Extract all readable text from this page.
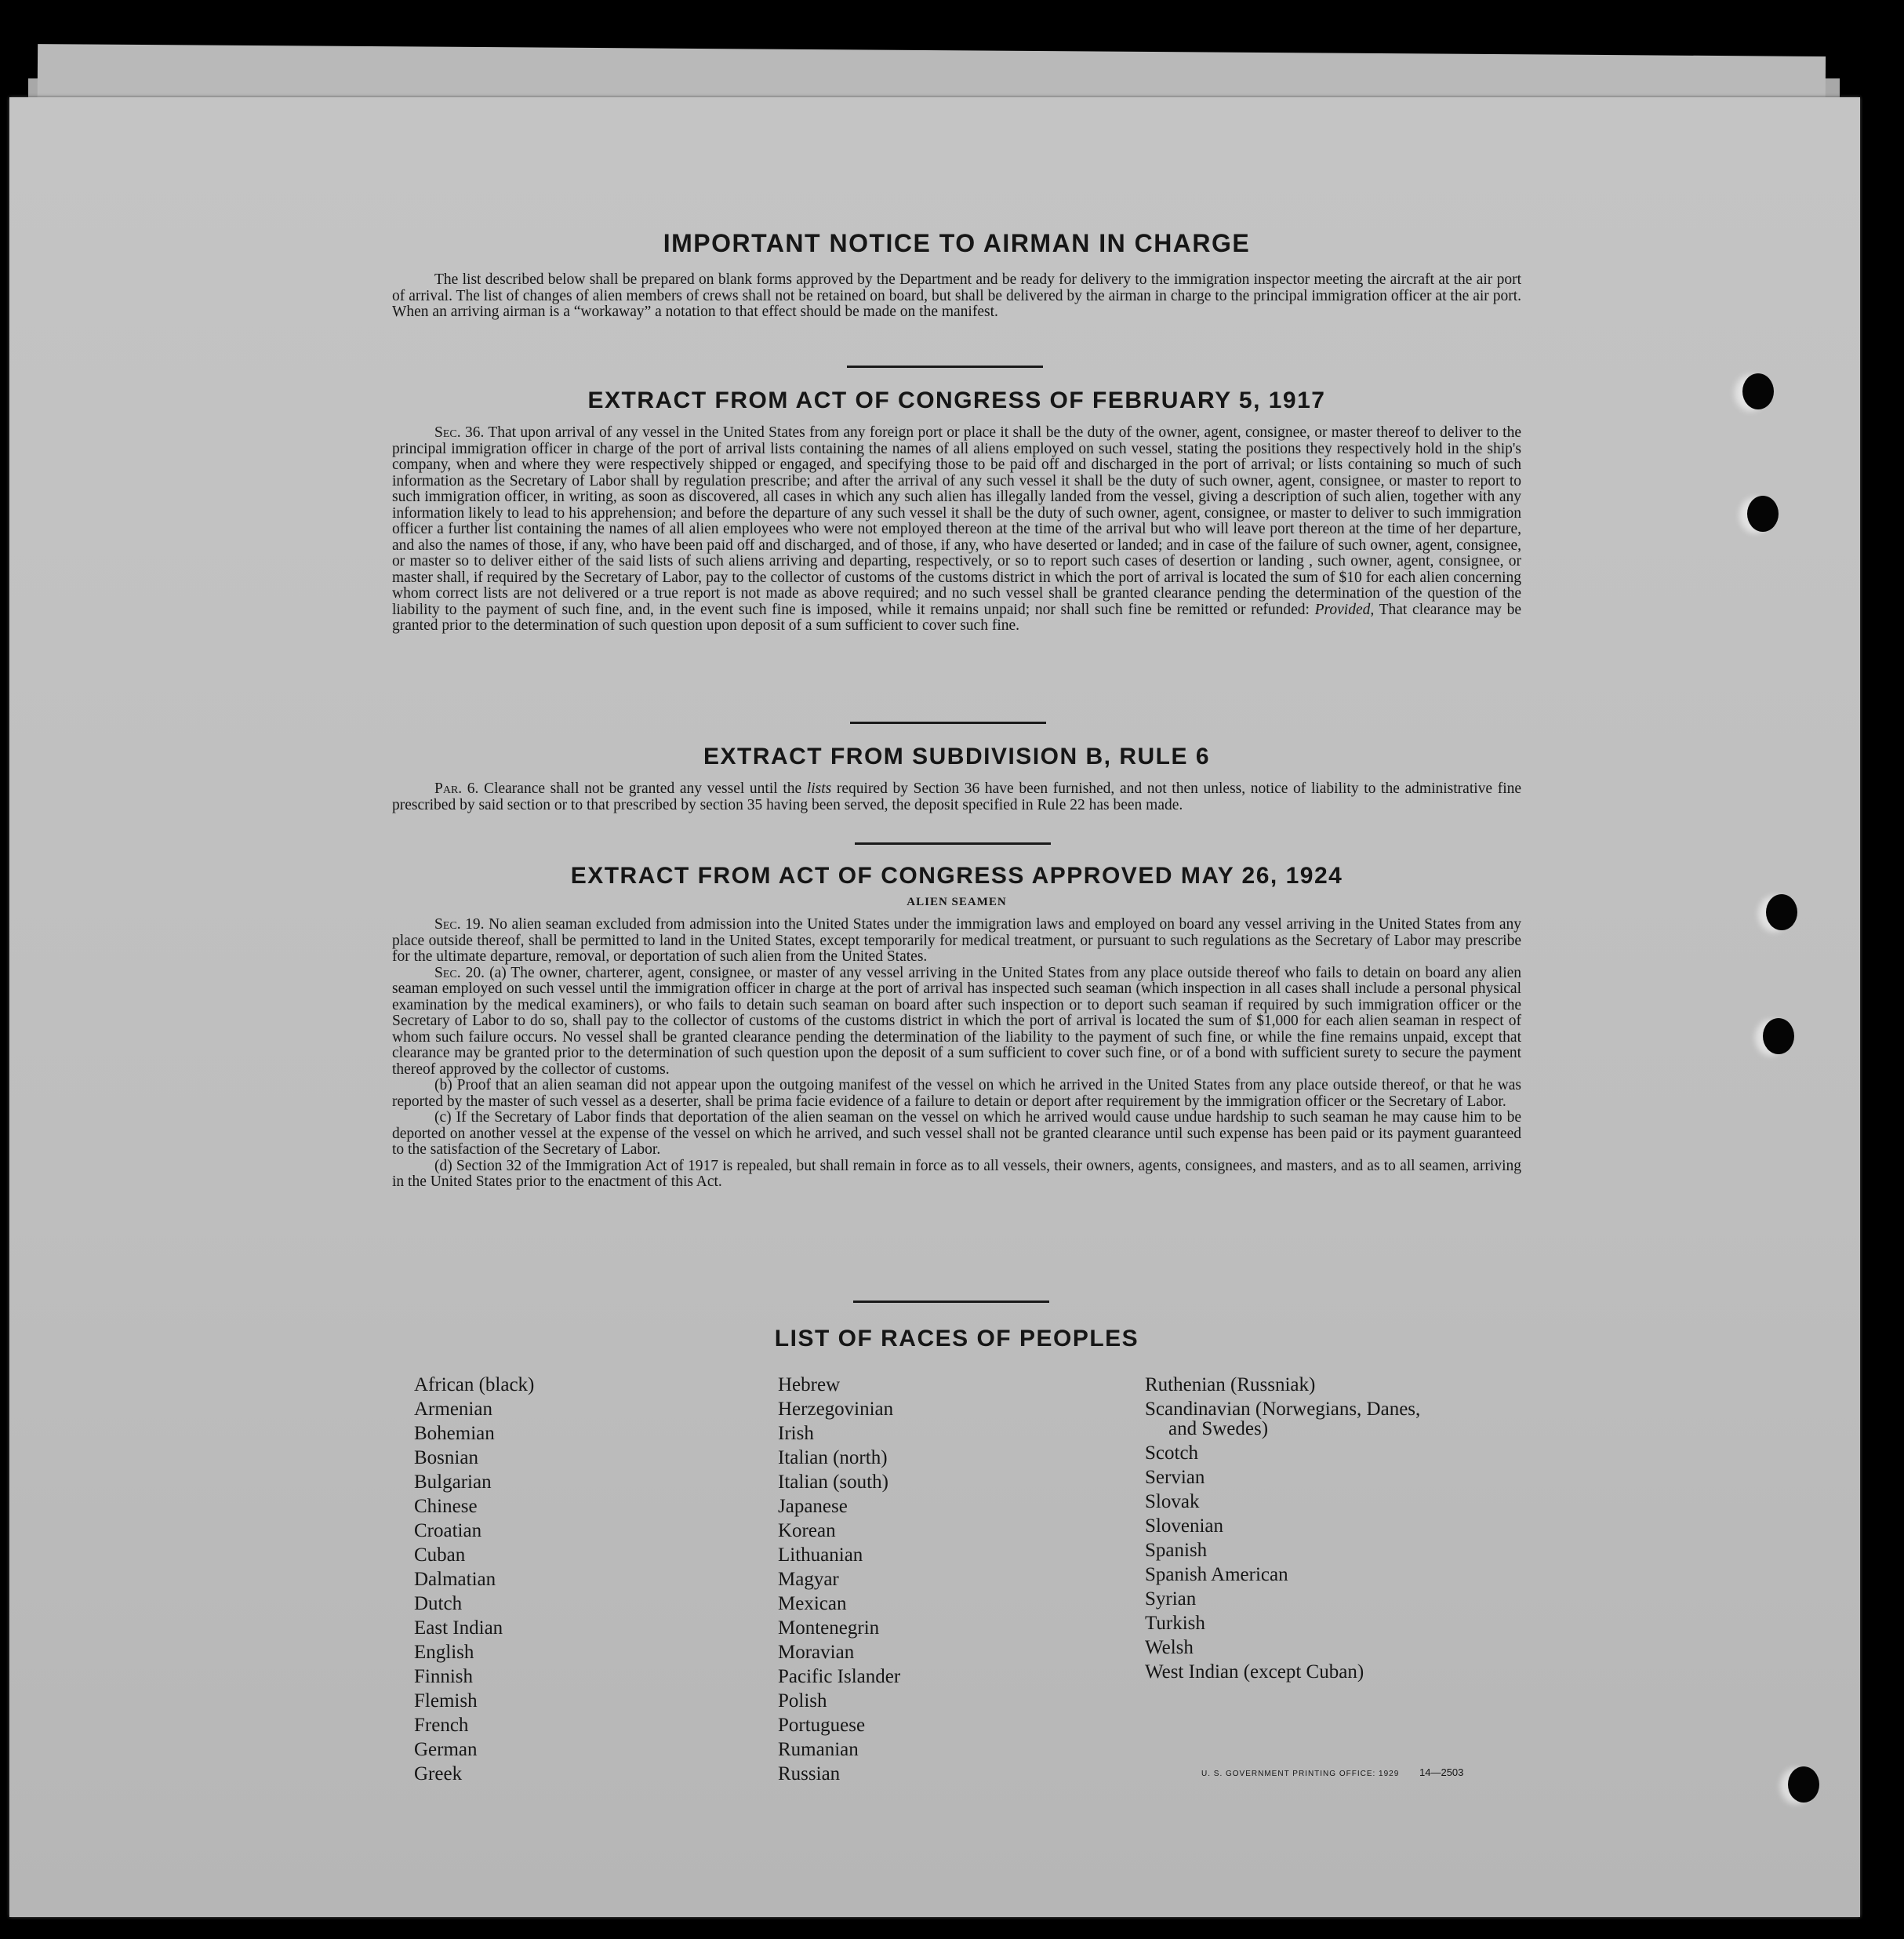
IMPORTANT NOTICE TO AIRMAN IN CHARGE

The list described below shall be prepared on blank forms approved by the Department and be ready for delivery to the immigration inspector meeting the aircraft at the air port of arrival. The list of changes of alien members of crews shall not be retained on board, but shall be delivered by the airman in charge to the principal immigration officer at the air port. When an arriving airman is a “workaway” a notation to that effect should be made on the manifest.

EXTRACT FROM ACT OF CONGRESS OF FEBRUARY 5, 1917

Sec. 36. That upon arrival of any vessel in the United States from any foreign port or place it shall be the duty of the owner, agent, consignee, or master thereof to deliver to the principal immigration officer in charge of the port of arrival lists containing the names of all aliens employed on such vessel, stating the positions they respectively hold in the ship's company, when and where they were respectively shipped or engaged, and specifying those to be paid off and discharged in the port of arrival; or lists containing so much of such information as the Secretary of Labor shall by regulation prescribe; and after the arrival of any such vessel it shall be the duty of such owner, agent, consignee, or master to report to such immigration officer, in writing, as soon as discovered, all cases in which any such alien has illegally landed from the vessel, giving a description of such alien, together with any information likely to lead to his apprehension; and before the departure of any such vessel it shall be the duty of such owner, agent, consignee, or master to deliver to such immigration officer a further list containing the names of all alien employees who were not employed thereon at the time of the arrival but who will leave port thereon at the time of her departure, and also the names of those, if any, who have been paid off and discharged, and of those, if any, who have deserted or landed; and in case of the failure of such owner, agent, consignee, or master so to deliver either of the said lists of such aliens arriving and departing, respectively, or so to report such cases of desertion or landing , such owner, agent, consignee, or master shall, if required by the Secretary of Labor, pay to the collector of customs of the customs district in which the port of arrival is located the sum of $10 for each alien concerning whom correct lists are not delivered or a true report is not made as above required; and no such vessel shall be granted clearance pending the determination of the question of the liability to the payment of such fine, and, in the event such fine is imposed, while it remains unpaid; nor shall such fine be remitted or refunded: Provided, That clearance may be granted prior to the determination of such question upon deposit of a sum sufficient to cover such fine.

EXTRACT FROM SUBDIVISION B, RULE 6

Par. 6. Clearance shall not be granted any vessel until the lists required by Section 36 have been furnished, and not then unless, notice of liability to the administrative fine prescribed by said section or to that prescribed by section 35 having been served, the deposit specified in Rule 22 has been made.

EXTRACT FROM ACT OF CONGRESS APPROVED MAY 26, 1924
ALIEN SEAMEN

Sec. 19. No alien seaman excluded from admission into the United States under the immigration laws and employed on board any vessel arriving in the United States from any place outside thereof, shall be permitted to land in the United States, except temporarily for medical treatment, or pursuant to such regulations as the Secretary of Labor may prescribe for the ultimate departure, removal, or deportation of such alien from the United States.

Sec. 20. (a) The owner, charterer, agent, consignee, or master of any vessel arriving in the United States from any place outside thereof who fails to detain on board any alien seaman employed on such vessel until the immigration officer in charge at the port of arrival has inspected such seaman (which inspection in all cases shall include a personal physical examination by the medical examiners), or who fails to detain such seaman on board after such inspection or to deport such seaman if required by such immigration officer or the Secretary of Labor to do so, shall pay to the collector of customs of the customs district in which the port of arrival is located the sum of $1,000 for each alien seaman in respect of whom such failure occurs. No vessel shall be granted clearance pending the determination of the liability to the payment of such fine, or while the fine remains unpaid, except that clearance may be granted prior to the determination of such question upon the deposit of a sum sufficient to cover such fine, or of a bond with sufficient surety to secure the payment thereof approved by the collector of customs.

(b) Proof that an alien seaman did not appear upon the outgoing manifest of the vessel on which he arrived in the United States from any place outside thereof, or that he was reported by the master of such vessel as a deserter, shall be prima facie evidence of a failure to detain or deport after requirement by the immigration officer or the Secretary of Labor.

(c) If the Secretary of Labor finds that deportation of the alien seaman on the vessel on which he arrived would cause undue hardship to such seaman he may cause him to be deported on another vessel at the expense of the vessel on which he arrived, and such vessel shall not be granted clearance until such expense has been paid or its payment guaranteed to the satisfaction of the Secretary of Labor.

(d) Section 32 of the Immigration Act of 1917 is repealed, but shall remain in force as to all vessels, their owners, agents, consignees, and masters, and as to all seamen, arriving in the United States prior to the enactment of this Act.

LIST OF RACES OF PEOPLES
African (black)
Armenian
Bohemian
Bosnian
Bulgarian
Chinese
Croatian
Cuban
Dalmatian
Dutch
East Indian
English
Finnish
Flemish
French
German
Greek
Hebrew
Herzegovinian
Irish
Italian (north)
Italian (south)
Japanese
Korean
Lithuanian
Magyar
Mexican
Montenegrin
Moravian
Pacific Islander
Polish
Portuguese
Rumanian
Russian
Ruthenian (Russniak)
Scandinavian (Norwegians, Danes,
and Swedes)
Scotch
Servian
Slovak
Slovenian
Spanish
Spanish American
Syrian
Turkish
Welsh
West Indian (except Cuban)
U. S. GOVERNMENT PRINTING OFFICE: 1929 14—2503
